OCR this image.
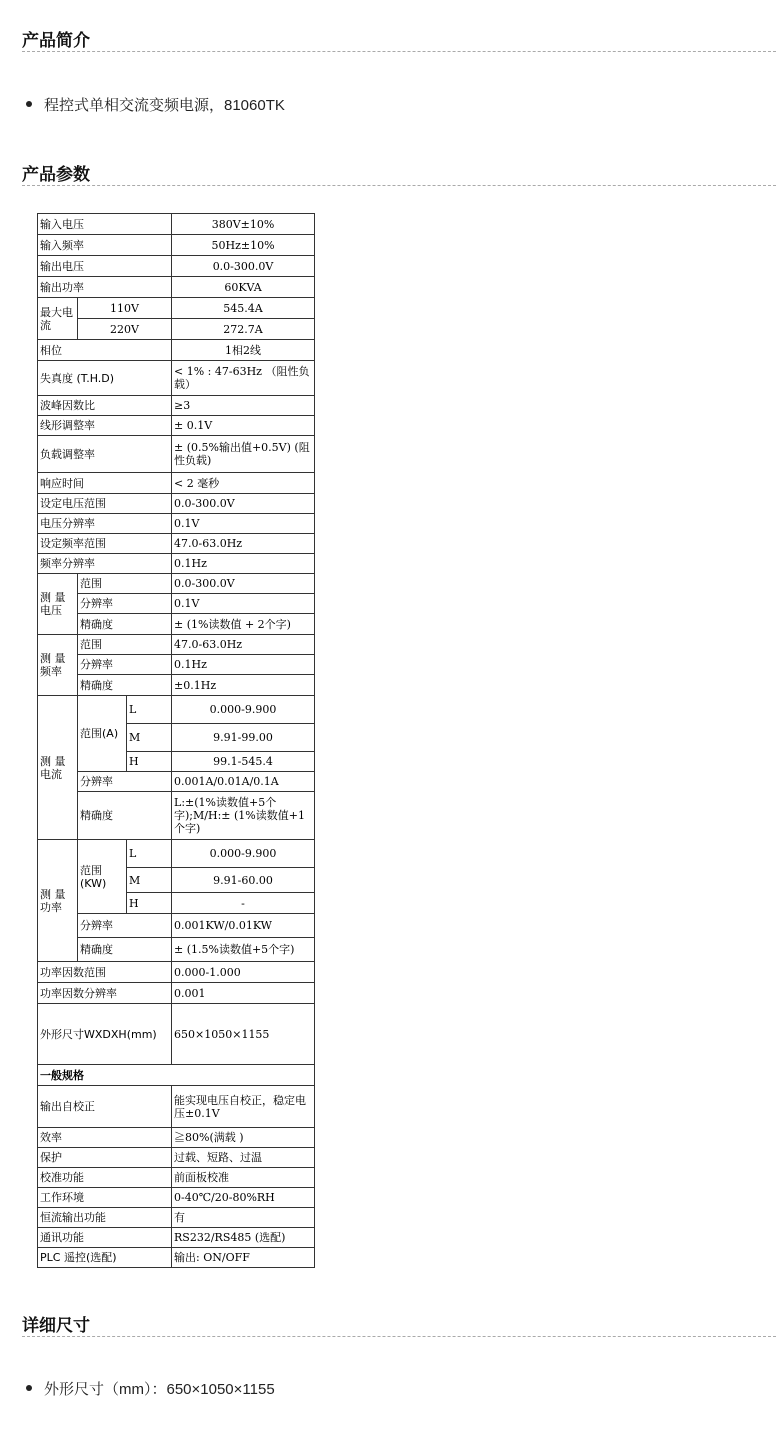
产品简介
程控式单相交流变频电源，81060TK
产品参数
输入电压			380V±10%
输入频率			50Hz±10%
输出电压			0.0-300.0V
输出功率			60KVA
最大电流	110V		545.4A
	220V		272.7A
相位			1相2线
失真度 (T.H.D)			< 1% : 47-63Hz （阻性负载）
波峰因数比			≥3
线形调整率			± 0.1V
负载调整率			± (0.5%输出值+0.5V) (阻性负载)
响应时间			< 2 毫秒
设定电压范围			0.0-300.0V
电压分辨率			0.1V
设定频率范围			47.0-63.0Hz
频率分辨率			0.1Hz
测 量电压	范围		0.0-300.0V
	分辨率		0.1V
	精确度		± (1%读数值 + 2个字)
测 量频率	范围		47.0-63.0Hz
	分辨率		0.1Hz
	精确度		±0.1Hz
测 量电流	范围(A)	L	0.000-9.900
		M	9.91-99.00
		H	99.1-545.4
	分辨率		0.001A/0.01A/0.1A
	精确度		L:±(1%读数值+5个字);M/H:± (1%读数值+1个字)
测 量功率	范围 (KW)	L	0.000-9.900
		M	9.91-60.00
		H	-
	分辨率		0.001KW/0.01KW
	精确度		± (1.5%读数值+5个字)
功率因数范围			0.000-1.000
功率因数分辨率			0.001
外形尺寸WXDXH(mm)			650×1050×1155
一般规格			
输出自校正			能实现电压自校正，稳定电压±0.1V
效率			≧80%(满载 )
保护			过载、短路、过温
校准功能			前面板校准
工作环境			0-40℃/20-80%RH
恒流输出功能			有
通讯功能			RS232/RS485 (选配)
PLC 遥控(选配)			输出: ON/OFF
详细尺寸
外形尺寸（mm）：650×1050×1155
